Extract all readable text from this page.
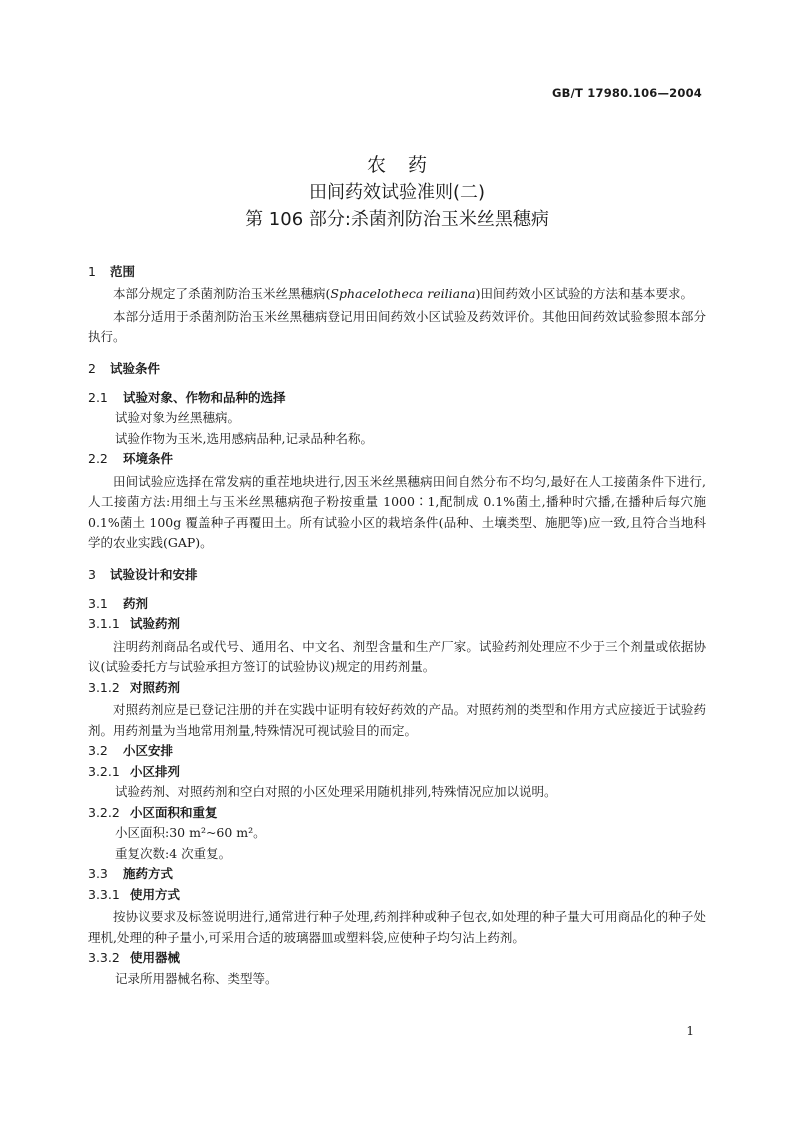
GB/T 17980.106—2004
农药
田间药效试验准则(二)
第 106 部分:杀菌剂防治玉米丝黑穗病
1	范围

本部分规定了杀菌剂防治玉米丝黑穗病(Sphacelotheca reiliana)田间药效小区试验的方法和基本要求。

本部分适用于杀菌剂防治玉米丝黑穗病登记用田间药效小区试验及药效评价。其他田间药效试验参照本部分执行。

2	试验条件
2.1	试验对象、作物和品种的选择
试验对象为丝黑穗病。
试验作物为玉米,选用感病品种,记录品种名称。
2.2	环境条件

田间试验应选择在常发病的重茬地块进行,因玉米丝黑穗病田间自然分布不均匀,最好在人工接菌条件下进行,人工接菌方法:用细土与玉米丝黑穗病孢子粉按重量 1000∶1,配制成 0.1%菌土,播种时穴播,在播种后每穴施 0.1%菌土 100g 覆盖种子再覆田土。所有试验小区的栽培条件(品种、土壤类型、施肥等)应一致,且符合当地科学的农业实践(GAP)。

3	试验设计和安排
3.1	药剂
3.1.1 试验药剂

注明药剂商品名或代号、通用名、中文名、剂型含量和生产厂家。试验药剂处理应不少于三个剂量或依据协议(试验委托方与试验承担方签订的试验协议)规定的用药剂量。

3.1.2 对照药剂

对照药剂应是已登记注册的并在实践中证明有较好药效的产品。对照药剂的类型和作用方式应接近于试验药剂。用药剂量为当地常用剂量,特殊情况可视试验目的而定。

3.2	小区安排
3.2.1 小区排列
试验药剂、对照药剂和空白对照的小区处理采用随机排列,特殊情况应加以说明。
3.2.2 小区面积和重复
小区面积:30 m²~60 m²。
重复次数:4 次重复。
3.3	施药方式
3.3.1 使用方式

按协议要求及标签说明进行,通常进行种子处理,药剂拌种或种子包衣,如处理的种子量大可用商品化的种子处理机,处理的种子量小,可采用合适的玻璃器皿或塑料袋,应使种子均匀沾上药剂。

3.3.2 使用器械
记录所用器械名称、类型等。
1
